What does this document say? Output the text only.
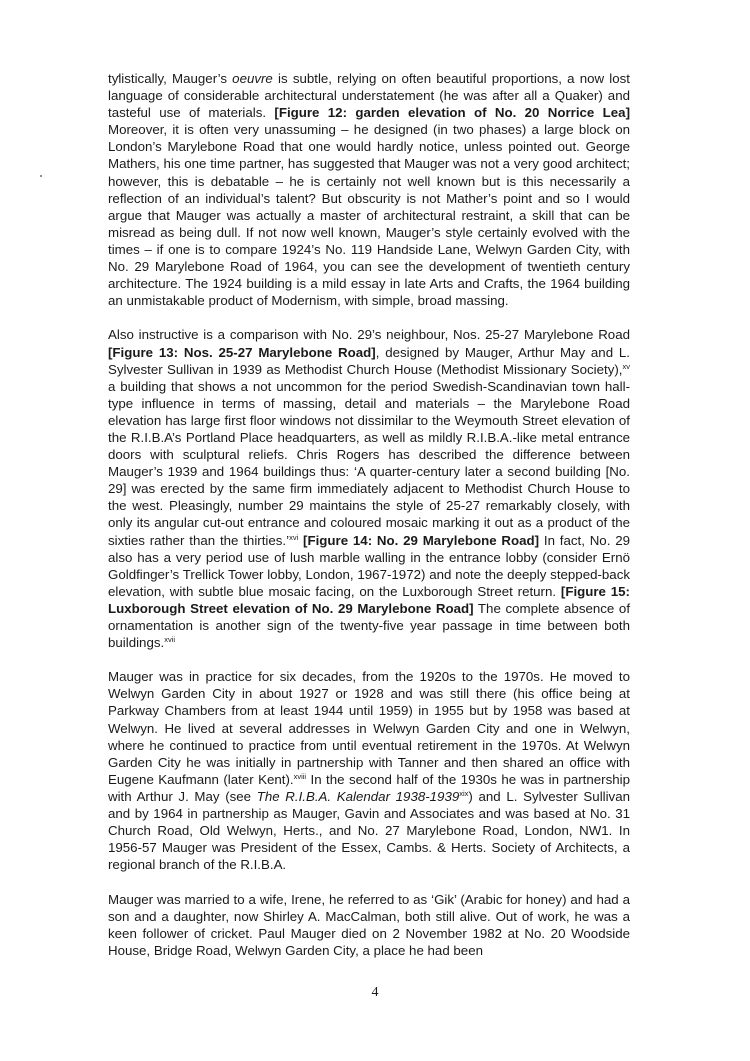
tylistically, Mauger’s oeuvre is subtle, relying on often beautiful proportions, a now lost language of considerable architectural understatement (he was after all a Quaker) and tasteful use of materials. [Figure 12: garden elevation of No. 20 Norrice Lea] Moreover, it is often very unassuming – he designed (in two phases) a large block on London’s Marylebone Road that one would hardly notice, unless pointed out. George Mathers, his one time partner, has suggested that Mauger was not a very good architect; however, this is debatable – he is certainly not well known but is this necessarily a reflection of an individual’s talent? But obscurity is not Mather’s point and so I would argue that Mauger was actually a master of architectural restraint, a skill that can be misread as being dull. If not now well known, Mauger’s style certainly evolved with the times – if one is to compare 1924’s No. 119 Handside Lane, Welwyn Garden City, with No. 29 Marylebone Road of 1964, you can see the development of twentieth century architecture. The 1924 building is a mild essay in late Arts and Crafts, the 1964 building an unmistakable product of Modernism, with simple, broad massing.

Also instructive is a comparison with No. 29’s neighbour, Nos. 25-27 Marylebone Road [Figure 13: Nos. 25-27 Marylebone Road], designed by Mauger, Arthur May and L. Sylvester Sullivan in 1939 as Methodist Church House (Methodist Missionary Society),$^{xv}$ a building that shows a not uncommon for the period Swedish-Scandinavian town hall-type influence in terms of massing, detail and materials – the Marylebone Road elevation has large first floor windows not dissimilar to the Weymouth Street elevation of the R.I.B.A’s Portland Place headquarters, as well as mildly R.I.B.A.-like metal entrance doors with sculptural reliefs. Chris Rogers has described the difference between Mauger’s 1939 and 1964 buildings thus: ‘A quarter-century later a second building [No. 29] was erected by the same firm immediately adjacent to Methodist Church House to the west. Pleasingly, number 29 maintains the style of 25-27 remarkably closely, with only its angular cut-out entrance and coloured mosaic marking it out as a product of the sixties rather than the thirties.’$^{xvi}$ [Figure 14: No. 29 Marylebone Road] In fact, No. 29 also has a very period use of lush marble walling in the entrance lobby (consider Ernö Goldfinger’s Trellick Tower lobby, London, 1967-1972) and note the deeply stepped-back elevation, with subtle blue mosaic facing, on the Luxborough Street return. [Figure 15: Luxborough Street elevation of No. 29 Marylebone Road] The complete absence of ornamentation is another sign of the twenty-five year passage in time between both buildings.$^{xvii}$

Mauger was in practice for six decades, from the 1920s to the 1970s. He moved to Welwyn Garden City in about 1927 or 1928 and was still there (his office being at Parkway Chambers from at least 1944 until 1959) in 1955 but by 1958 was based at Welwyn. He lived at several addresses in Welwyn Garden City and one in Welwyn, where he continued to practice from until eventual retirement in the 1970s. At Welwyn Garden City he was initially in partnership with Tanner and then shared an office with Eugene Kaufmann (later Kent).$^{xviii}$ In the second half of the 1930s he was in partnership with Arthur J. May (see The R.I.B.A. Kalendar 1938-1939$^{xix}$) and L. Sylvester Sullivan and by 1964 in partnership as Mauger, Gavin and Associates and was based at No. 31 Church Road, Old Welwyn, Herts., and No. 27 Marylebone Road, London, NW1. In 1956-57 Mauger was President of the Essex, Cambs. & Herts. Society of Architects, a regional branch of the R.I.B.A.

Mauger was married to a wife, Irene, he referred to as ‘Gik’ (Arabic for honey) and had a son and a daughter, now Shirley A. MacCalman, both still alive. Out of work, he was a keen follower of cricket. Paul Mauger died on 2 November 1982 at No. 20 Woodside House, Bridge Road, Welwyn Garden City, a place he had been

4
